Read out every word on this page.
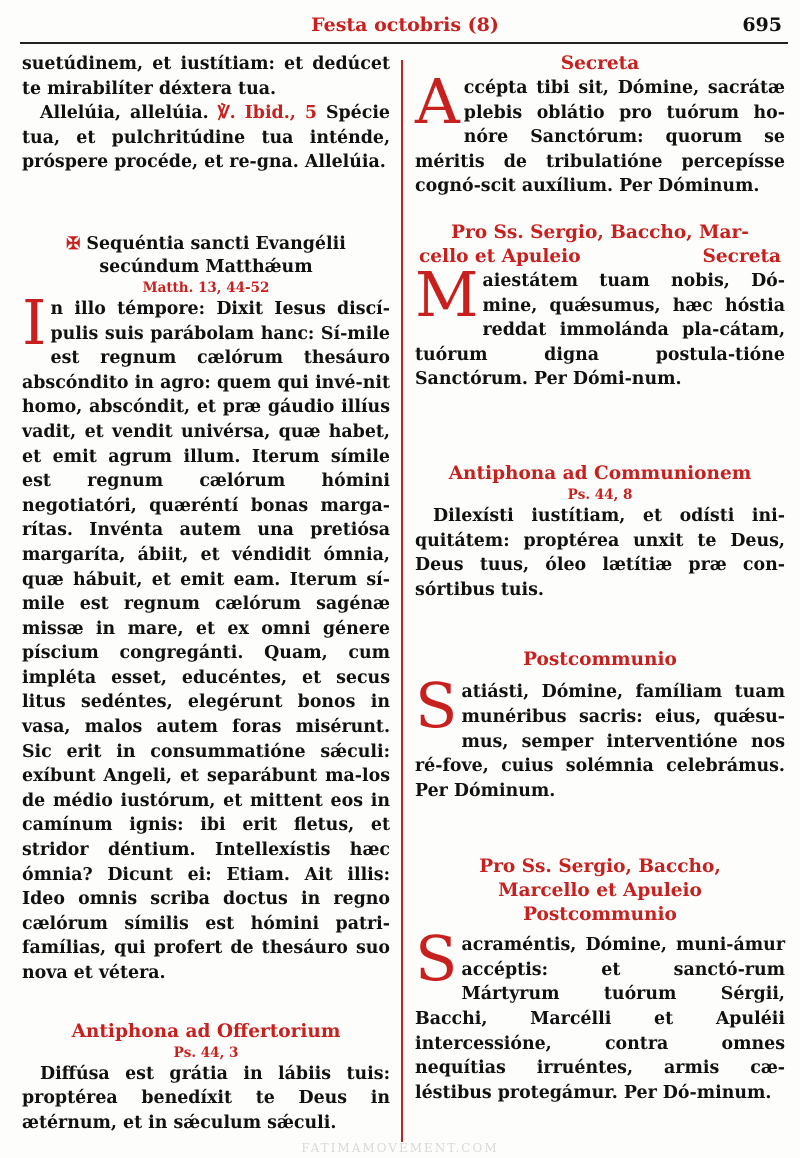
Festa octobris (8)	695

suetúdinem, et iustítiam: et dedúcet te mirabilíter déxtera tua.

Allelúia, allelúia. ℣. Ibid., 5 Spécie tua, et pulchritúdine tua inténde, próspere procéde, et re-gna. Allelúia.

✠ Sequéntia sancti Evangélii
secúndum Matthǽum
Matth. 13, 44-52

In illo témpore: Dixit Iesus discí-pulis suis parábolam hanc: Sí-mile est regnum cælórum thesáuro abscóndito in agro: quem qui invé-nit homo, abscóndit, et præ gáudio illíus vadit, et vendit univérsa, quæ habet, et emit agrum illum. Iterum símile est regnum cælórum hómini negotiatóri, quæréntí bonas marga-rítas. Invénta autem una pretiósa margaríta, ábiit, et véndidit ómnia, quæ hábuit, et emit eam. Iterum sí-mile est regnum cælórum sagénæ missæ in mare, et ex omni génere píscium congregánti. Quam, cum impléta esset, educéntes, et secus litus sedéntes, elegérunt bonos in vasa, malos autem foras misérunt. Sic erit in consummatióne sǽculi: exíbunt Angeli, et separábunt ma-los de médio iustórum, et mittent eos in camínum ignis: ibi erit fletus, et stridor déntium. Intellexístis hæc ómnia? Dicunt ei: Etiam. Ait illis: Ideo omnis scriba doctus in regno cælórum símilis est hómini patri-famílias, qui profert de thesáuro suo nova et vétera.

Antiphona ad Offertorium
Ps. 44, 3

Diffúsa est grátia in lábiis tuis: proptérea benedíxit te Deus in ætérnum, et in sǽculum sǽculi.

Secreta

Accépta tibi sit, Dómine, sacrátæ plebis oblátio pro tuórum ho-nóre Sanctórum: quorum se méritis de tribulatióne percepísse cognó-scit auxílium. Per Dóminum.

Pro Ss. Sergio, Baccho, Mar-
cello et Apuleio	Secreta

Maiestátem tuam nobis, Dó-mine, quǽsumus, hæc hóstia reddat immolánda pla-cátam, tuórum digna postula-tióne Sanctórum. Per Dómi-num.

Antiphona ad Communionem
Ps. 44, 8

Dilexísti iustítiam, et odísti ini-quitátem: proptérea unxit te Deus, Deus tuus, óleo lætítiæ præ con-sórtibus tuis.

Postcommunio

Satiásti, Dómine, famíliam tuam munéribus sacris: eius, quǽsu-mus, semper interventióne nos ré-fove, cuius solémnia celebrámus. Per Dóminum.

Pro Ss. Sergio, Baccho,
Marcello et Apuleio
Postcommunio

Sacraméntis, Dómine, muni-ámur accéptis: et sanctó-rum Mártyrum tuórum Sérgii, Bacchi, Marcélli et Apuléii intercessióne, contra omnes nequítias irruéntes, armis cæ-léstibus protegámur. Per Dó-minum.

FATIMAMOVEMENT.COM
